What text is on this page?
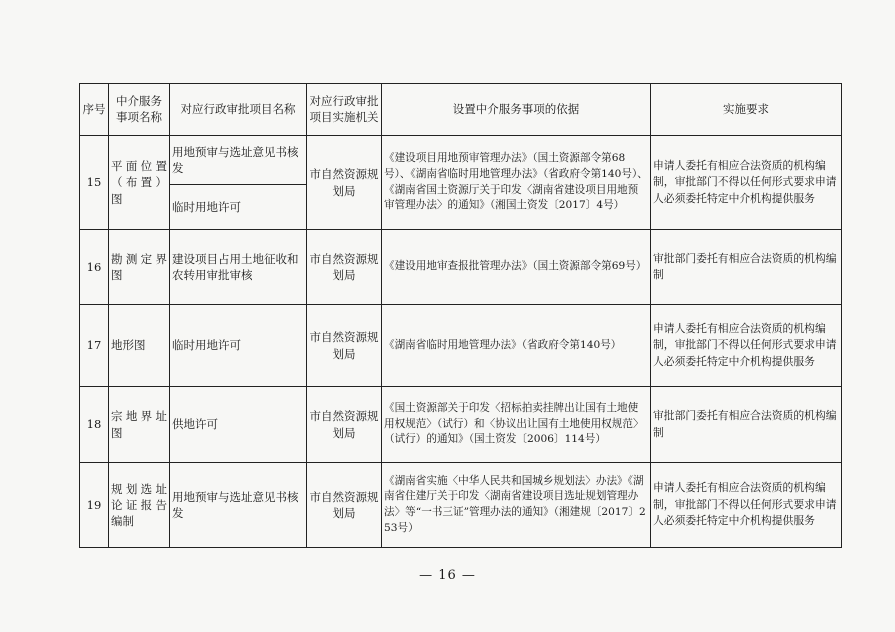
序号	中介服务事项名称	对应行政审批项目名称	对应行政审批项目实施机关	设置中介服务事项的依据	实施要求
15	平面位置（布置）图	用地预审与选址意见书核发	市自然资源规划局	《建设项目用地预审管理办法》（国土资源部令第68号）、《湖南省临时用地管理办法》（省政府令第140号）、《湖南省国土资源厅关于印发〈湖南省建设项目用地预审管理办法〉的通知》（湘国土资发〔2017〕4号）	申请人委托有相应合法资质的机构编制，审批部门不得以任何形式要求申请人必须委托特定中介机构提供服务
		临时用地许可			
16	勘测定界图	建设项目占用土地征收和农转用审批审核	市自然资源规划局	《建设用地审查报批管理办法》（国土资源部令第69号）	审批部门委托有相应合法资质的机构编制
17	地形图	临时用地许可	市自然资源规划局	《湖南省临时用地管理办法》（省政府令第140号）	申请人委托有相应合法资质的机构编制，审批部门不得以任何形式要求申请人必须委托特定中介机构提供服务
18	宗地界址图	供地许可	市自然资源规划局	《国土资源部关于印发〈招标拍卖挂牌出让国有土地使用权规范〉（试行）和〈协议出让国有土地使用权规范〉（试行）的通知》（国土资发〔2006〕114号）	审批部门委托有相应合法资质的机构编制
19	规划选址论证报告编制	用地预审与选址意见书核发	市自然资源规划局	《湖南省实施〈中华人民共和国城乡规划法〉办法》《湖南省住建厅关于印发〈湖南省建设项目选址规划管理办法〉等“一书三证”管理办法的通知》（湘建规〔2017〕253号）	申请人委托有相应合法资质的机构编制，审批部门不得以任何形式要求申请人必须委托特定中介机构提供服务
— 16 —
